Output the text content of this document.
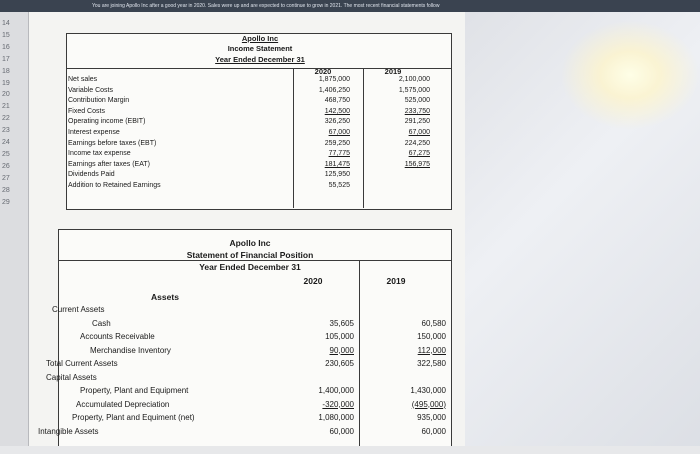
You are joining Apollo Inc after a good year in 2020. Sales were up and are expected to continue to grow in 2021. The most recent financial statements follow
14
15
16
17
18
19
20
21
22
23
24
25
26
27
28
29
Apollo Inc
Income Statement
Year Ended December 31
2020	2019
Net sales	1,875,000	2,100,000
Variable Costs	1,406,250	1,575,000
Contribution Margin	468,750	525,000
Fixed Costs	142,500	233,750
Operating income (EBIT)	326,250	291,250
Interest expense	67,000	67,000
Earnings before taxes (EBT)	259,250	224,250
Income tax expense	77,775	67,275
Earnings after taxes (EAT)	181,475	156,975
Dividends Paid	125,950
Addition to Retained Earnings	55,525
Apollo Inc
Statement of Financial Position
Year Ended December 31
2020	2019
Assets
Current Assets
Cash	35,605	60,580
Accounts Receivable	105,000	150,000
Merchandise Inventory	90,000	112,000
Total Current Assets	230,605	322,580
Capital Assets
Property, Plant and Equipment	1,400,000	1,430,000
Accumulated Depreciation	-320,000	(495,000)
Property, Plant and Equiment (net)	1,080,000	935,000
Intangible Assets	60,000	60,000
